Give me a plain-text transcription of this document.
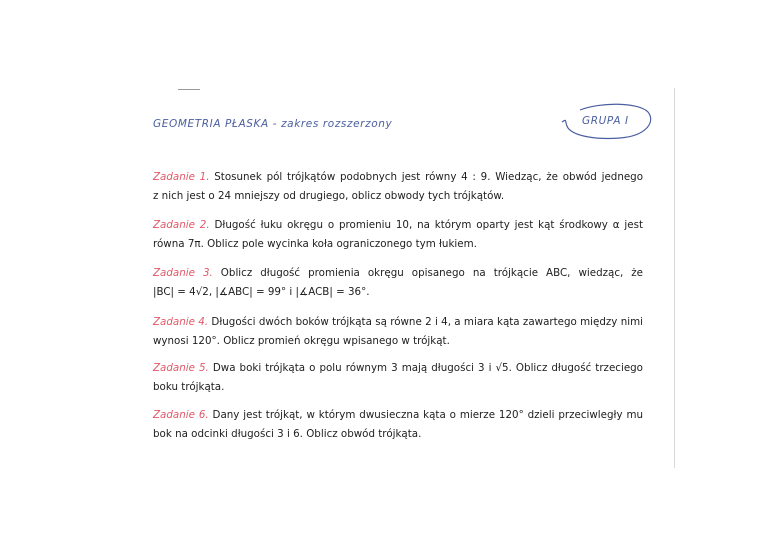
GEOMETRIA PŁASKA - zakres rozszerzony	GRUPA I
Zadanie 1. Stosunek pól trójkątów podobnych jest równy 4 : 9. Wiedząc, że obwód jednego
z nich jest o 24 mniejszy od drugiego, oblicz obwody tych trójkątów.
Zadanie 2. Długość łuku okręgu o promieniu 10, na którym oparty jest kąt środkowy α jest
równa 7π. Oblicz pole wycinka koła ograniczonego tym łukiem.
Zadanie 3. Oblicz długość promienia okręgu opisanego na trójkącie ABC, wiedząc, że
|BC| = 4√2, |∡ABC| = 99° i |∡ACB| = 36°.
Zadanie 4. Długości dwóch boków trójkąta są równe 2 i 4, a miara kąta zawartego między nimi
wynosi 120°. Oblicz promień okręgu wpisanego w trójkąt.
Zadanie 5. Dwa boki trójkąta o polu równym 3 mają długości 3 i √5. Oblicz długość trzeciego
boku trójkąta.
Zadanie 6. Dany jest trójkąt, w którym dwusieczna kąta o mierze 120° dzieli przeciwległy mu
bok na odcinki długości 3 i 6. Oblicz obwód trójkąta.
